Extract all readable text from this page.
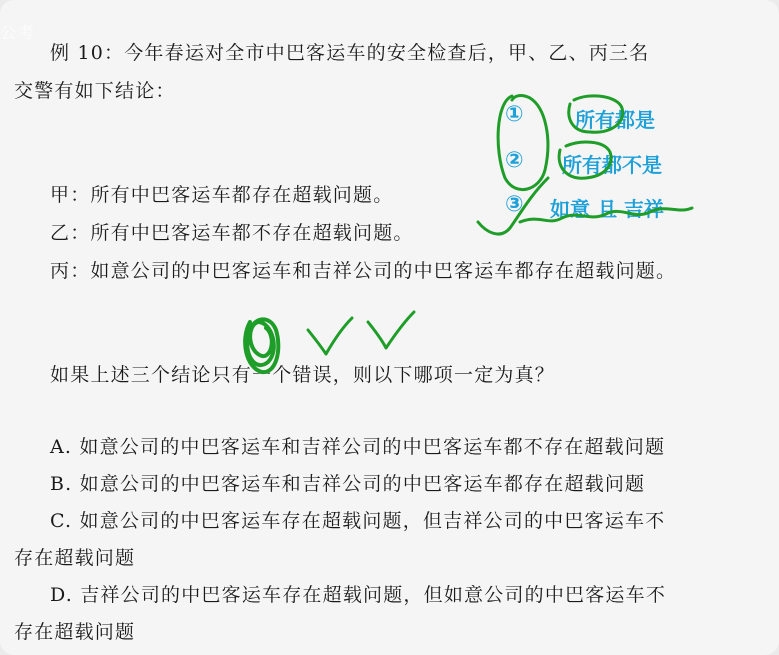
公考
例 10：今年春运对全市中巴客运车的安全检查后，甲、乙、丙三名
交警有如下结论：
甲：所有中巴客运车都存在超载问题。
乙：所有中巴客运车都不存在超载问题。
丙：如意公司的中巴客运车和吉祥公司的中巴客运车都存在超载问题。
如果上述三个结论只有一个错误，则以下哪项一定为真？
A. 如意公司的中巴客运车和吉祥公司的中巴客运车都不存在超载问题
B. 如意公司的中巴客运车和吉祥公司的中巴客运车都存在超载问题
C. 如意公司的中巴客运车存在超载问题，但吉祥公司的中巴客运车不
存在超载问题
D. 吉祥公司的中巴客运车存在超载问题，但如意公司的中巴客运车不
存在超载问题
①
②
③
所有都是
所有都不是
如意 且 吉祥
